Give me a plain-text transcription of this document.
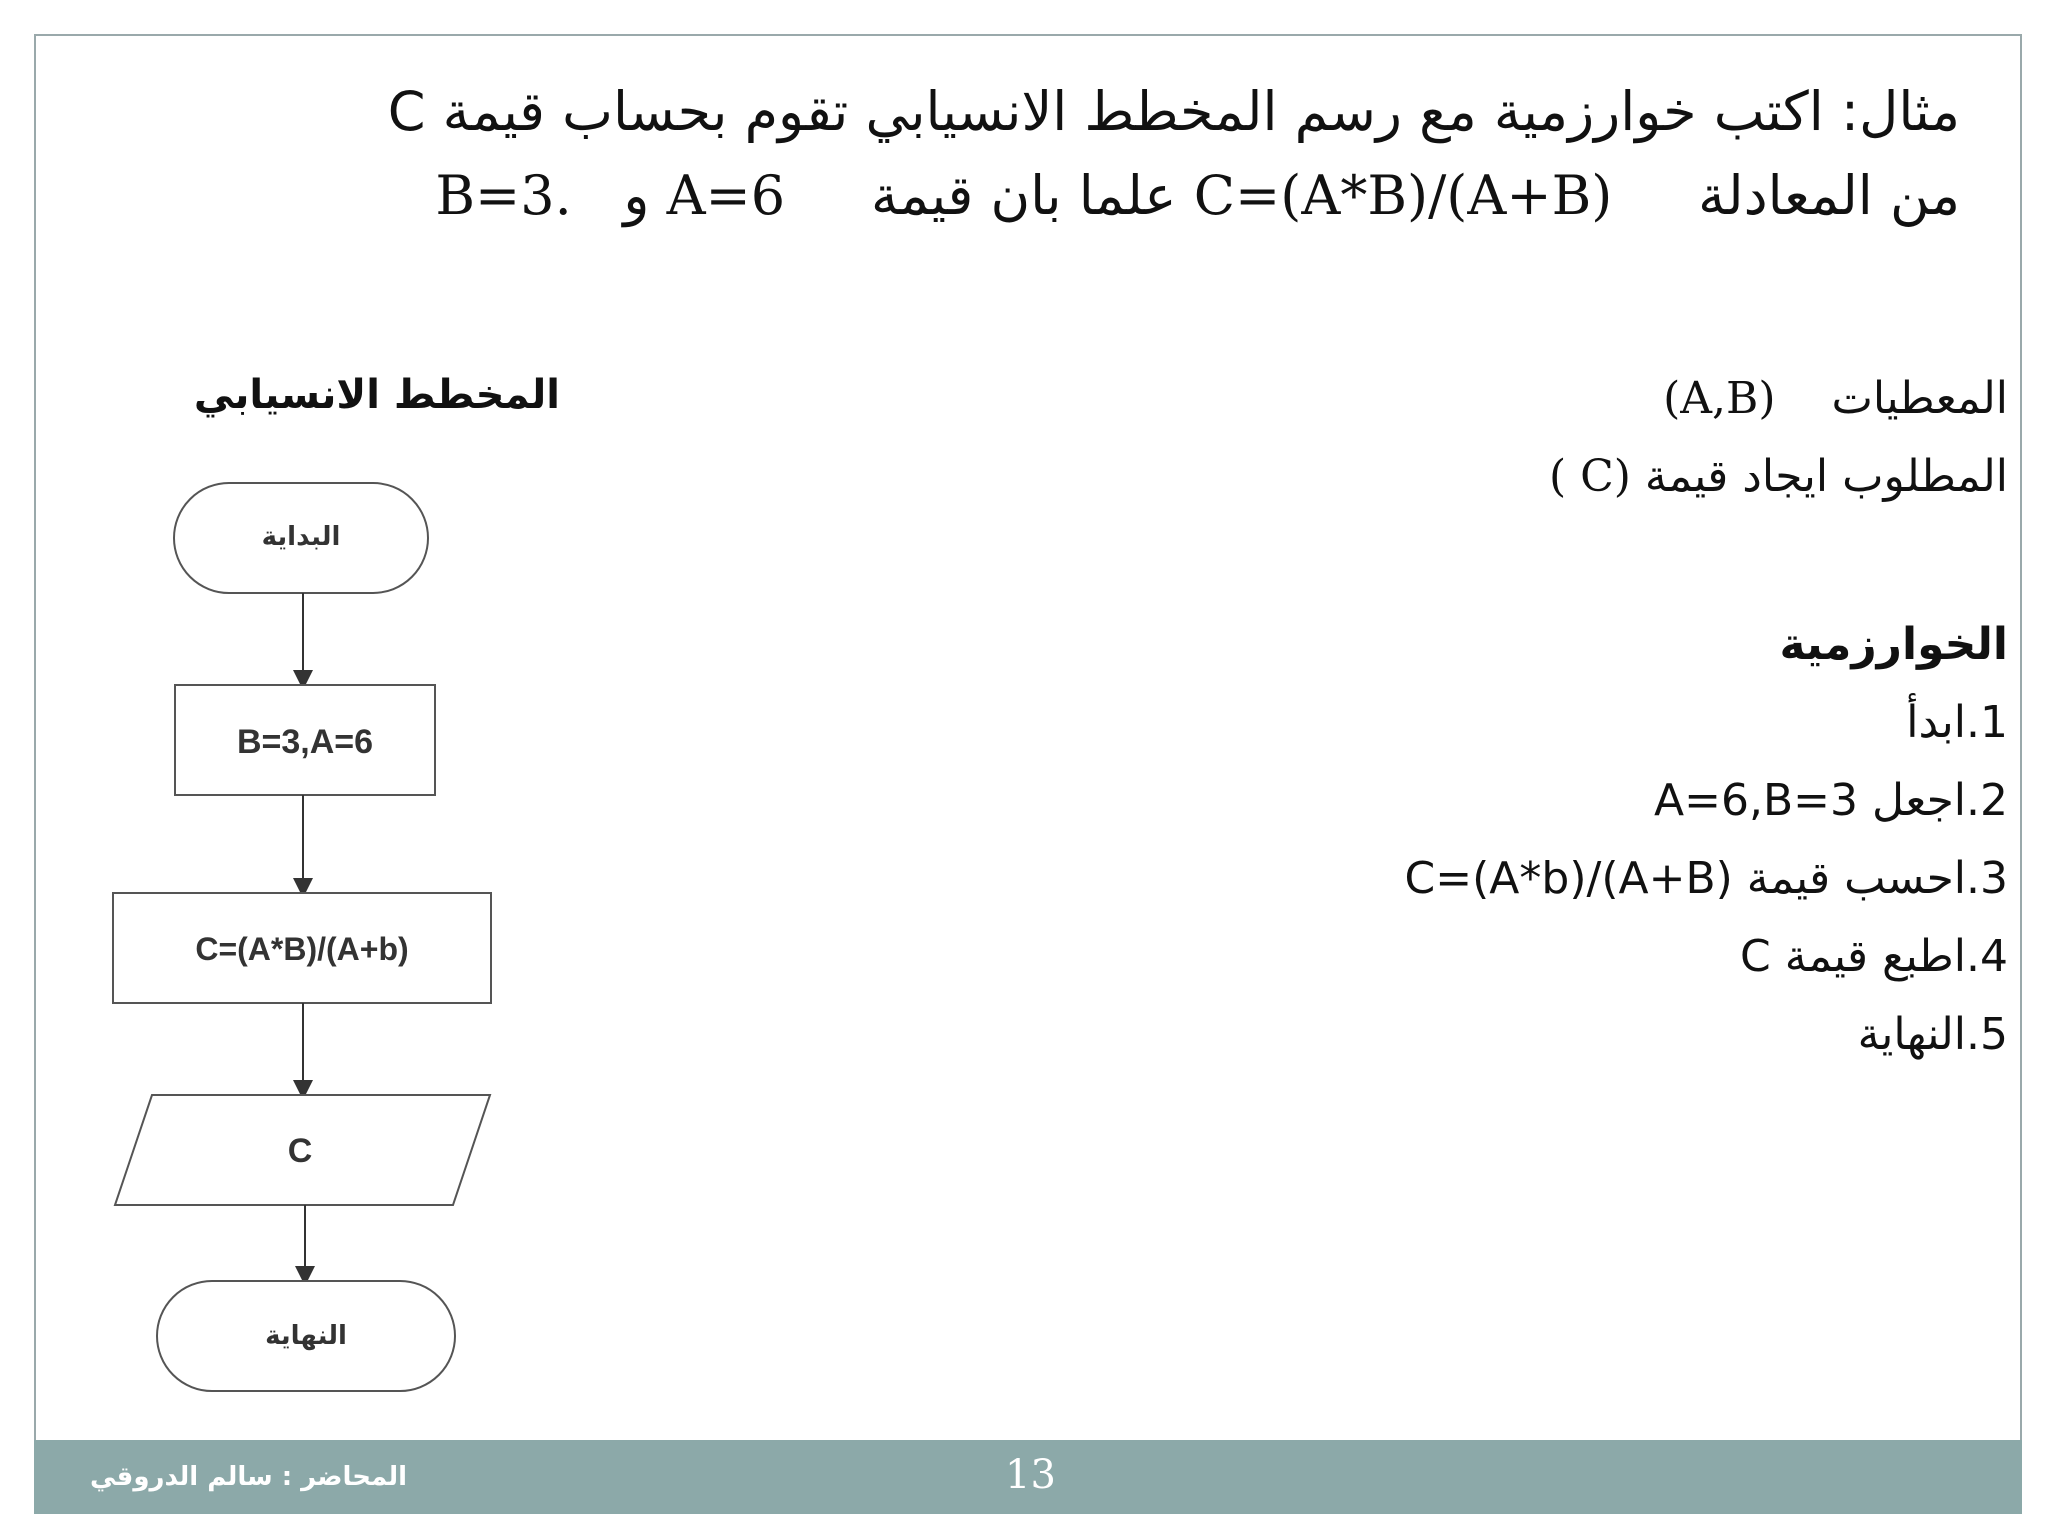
مثال: اكتب خوارزمية مع رسم المخطط الانسيابي تقوم بحساب قيمة C
من المعادلة     C=(A*B)/(A+B) علما بان قيمة     A=6 و   B=3.
المخطط الانسيابي
البداية
B=3,A=6
C=(A*B)/(A+b)
C
النهاية
المعطيات    (A,B)
المطلوب ايجاد قيمة ( C)
الخوارزمية
1.ابدأ
2.اجعل A=6,B=3
3.احسب قيمة C=(A*b)/(A+B)
4.اطبع قيمة C
5.النهاية
المحاضر : سالم الدروقي	13
